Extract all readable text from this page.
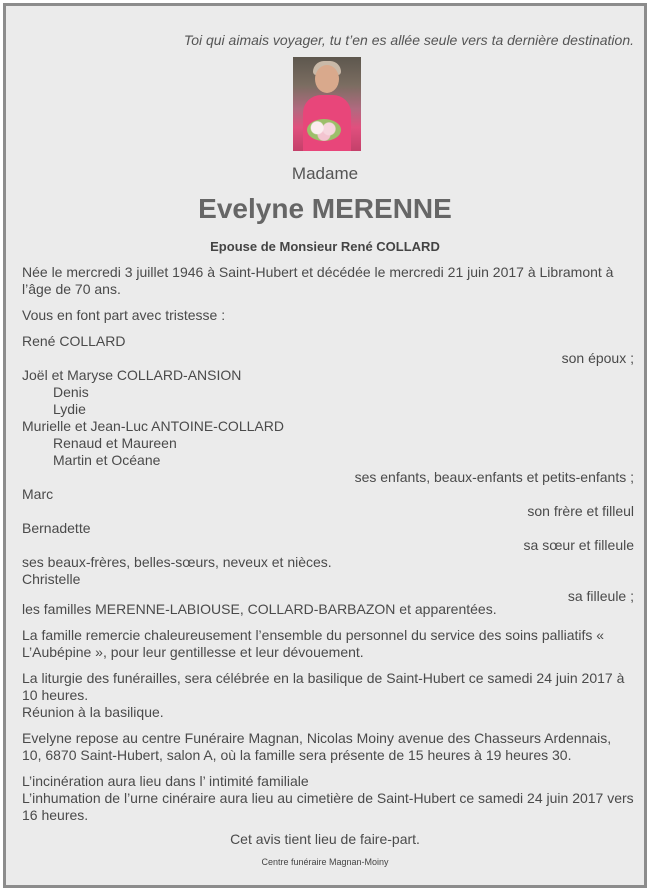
Toi qui aimais voyager, tu t’en es allée seule vers ta dernière destination.
Madame
Evelyne MERENNE
Epouse de Monsieur René COLLARD
Née le mercredi 3 juillet 1946 à Saint-Hubert et décédée le mercredi 21 juin 2017 à Libramont à l’âge de 70 ans.
Vous en font part avec tristesse :
René COLLARD
son époux ;
Joël et Maryse COLLARD-ANSION
Denis
Lydie
Murielle et Jean-Luc ANTOINE-COLLARD
Renaud et Maureen
Martin et Océane
ses enfants, beaux-enfants et petits-enfants ;
Marc
son frère et filleul
Bernadette
sa sœur et filleule
ses beaux-frères, belles-sœurs, neveux et nièces.
Christelle
sa filleule ;
les familles MERENNE-LABIOUSE, COLLARD-BARBAZON et apparentées.
La famille remercie chaleureusement l’ensemble du personnel du service des soins palliatifs « L’Aubépine », pour leur gentillesse et leur dévouement.
La liturgie des funérailles, sera célébrée en la basilique de Saint-Hubert ce samedi 24 juin 2017 à 10 heures.
Réunion à la basilique.
Evelyne repose au centre Funéraire Magnan, Nicolas Moiny avenue des Chasseurs Ardennais, 10, 6870 Saint-Hubert, salon A, où la famille sera présente de 15 heures à 19 heures 30.
L’incinération aura lieu dans l’ intimité familiale
L’inhumation de l’urne cinéraire aura lieu au cimetière de Saint-Hubert ce samedi 24 juin 2017 vers 16 heures.
Cet avis tient lieu de faire-part.
Centre funéraire Magnan-Moiny
